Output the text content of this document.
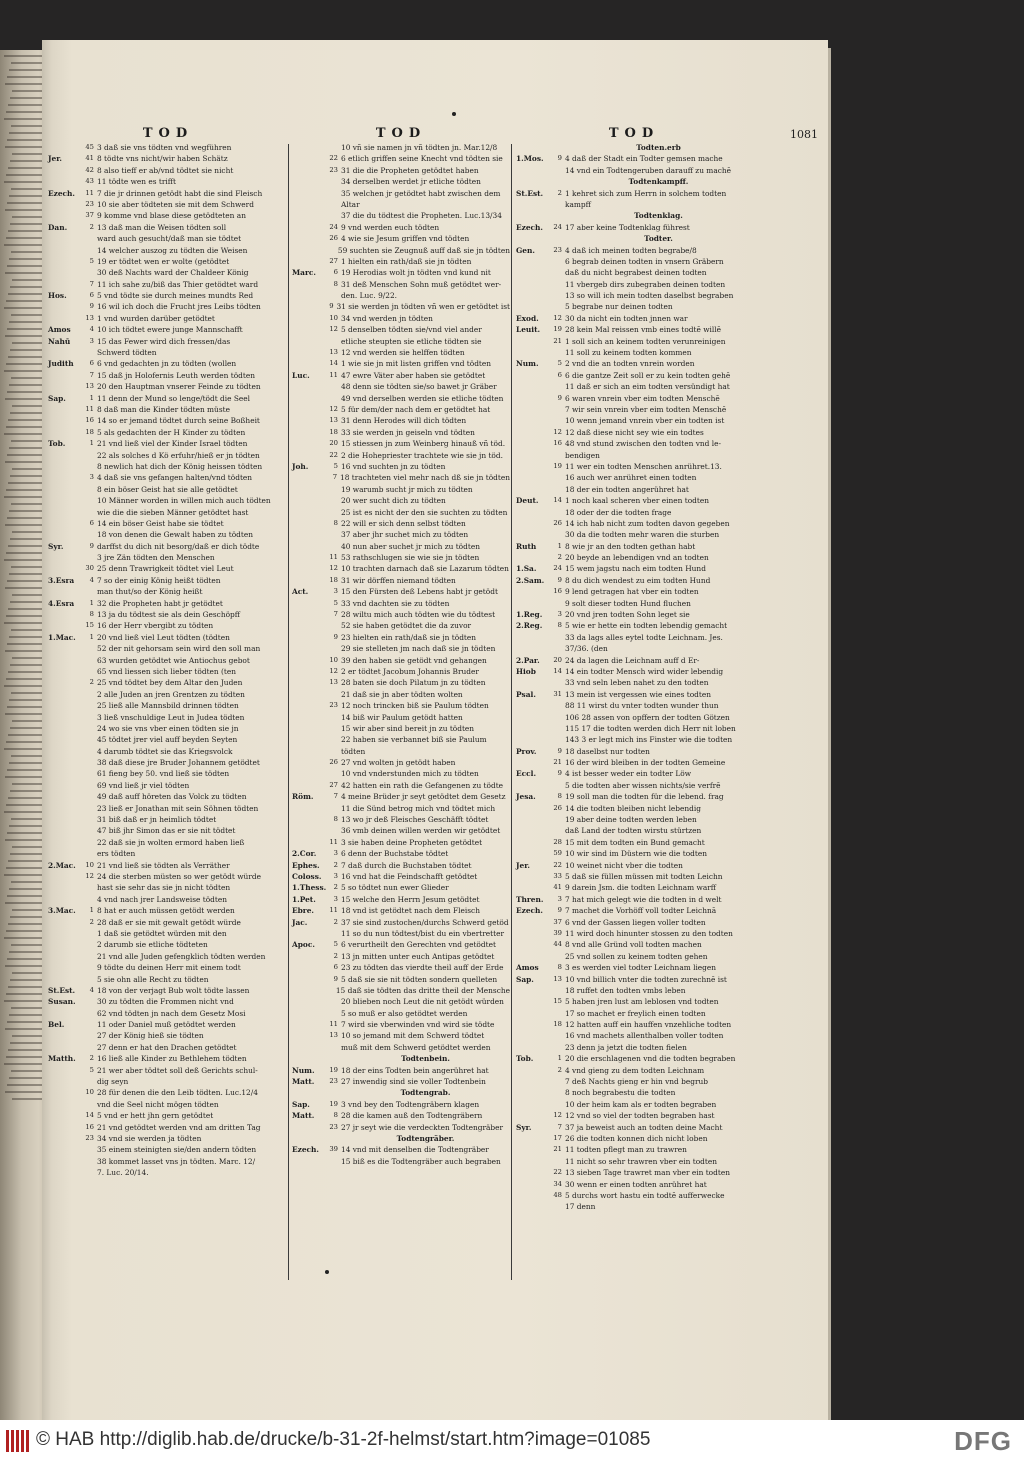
1081
TOD
45 3 daß sie vns tödten vnd wegführen
Jer.	41 8 tödte vns nicht/wir haben Schätz
42 8 also tieff er ab/vnd tödtet sie nicht
43 11 tödte wen es trifft
Ezech.	11 7 die jr drinnen getödt habt die sind Fleisch
23 10 sie aber tödteten sie mit dem Schwerd
37 9 komme vnd blase diese getödteten an
Dan.	2 13 daß man die Weisen tödten soll
ward auch gesucht/daß man sie tödtet
14 welcher auszog zu tödten die Weisen
5 19 er tödtet wen er wolte (getödtet
30 deß Nachts ward der Chaldeer König
7 11 ich sahe zu/biß das Thier getödtet ward
Hos.	6 5 vnd tödte sie durch meines mundts Red
9 16 wil ich doch die Frucht jres Leibs tödten
13 1 vnd wurden darüber getödtet
Amos	4 10 ich tödtet ewere junge Mannschafft
Nahū	3 15 das Fewer wird dich fressen/das
Schwerd tödten
Judith	6 6 vnd gedachten jn zu tödten (wollen
7 15 daß jn Holofernis Leuth werden tödten
13 20 den Hauptman vnserer Feinde zu tödten
Sap.	1 11 denn der Mund so lenge/tödt die Seel
11 8 daß man die Kinder tödten müste
16 14 so er jemand tödtet durch seine Boßheit
18 5 als gedachten der H Kinder zu tödten
Tob.	1 21 vnd ließ viel der Kinder Israel tödten
22 als solches d Kö erfuhr/hieß er jn tödten
8 newlich hat dich der König heissen tödten
3 4 daß sie vns gefangen halten/vnd tödten
8 ein böser Geist hat sie alle getödtet
10 Männer worden in willen mich auch tödten
wie die die sieben Männer getödtet hast
6 14 ein böser Geist habe sie tödtet
18 von denen die Gewalt haben zu tödten
Syr.	9 darffst du dich nit besorg/daß er dich tödte
3 jre Zän tödten den Menschen
30 25 denn Trawrigkeit tödtet viel Leut
3.Esra	4 7 so der einig König heißt tödten
man thut/so der König heißt
4.Esra	1 32 die Propheten habt jr getödtet
8 13 ja du tödtest sie als dein Geschöpff
15 16 der Herr vbergibt zu tödten
1.Mac.	1 20 vnd ließ viel Leut tödten (tödten
52 der nit gehorsam sein wird den soll man
63 wurden getödtet wie Antiochus gebot
65 vnd liessen sich lieber tödten (ten
2 25 vnd tödtet bey dem Altar den Juden
2 alle Juden an jren Grentzen zu tödten
25 ließ alle Mannsbild drinnen tödten
3 ließ vnschuldige Leut in Judea tödten
24 wo sie vns vber einen tödten sie jn
45 tödtet jrer viel auff beyden Seyten
4 darumb tödtet sie das Kriegsvolck
38 daß diese jre Bruder Johannem getödtet
61 fieng bey 50. vnd ließ sie tödten
69 vnd ließ jr viel tödten
49 daß auff höreten das Volck zu tödten
23 ließ er Jonathan mit sein Söhnen tödten
31 biß daß er jn heimlich tödtet
47 biß jhr Simon das er sie nit tödtet
22 daß sie jn wolten ermord haben ließ
ers tödten
2.Mac.	10 21 vnd ließ sie tödten als Verräther
12 24 die sterben müsten so wer getödt würde
hast sie sehr das sie jn nicht tödten
4 vnd nach jrer Landsweise tödten
3.Mac.	1 8 hat er auch müssen getödt werden
2 28 daß er sie mit gewalt getödt würde
1 daß sie getödtet würden mit den
2 darumb sie etliche tödteten
21 vnd alle Juden gefengklich tödten werden
9 tödte du deinen Herr mit einem todt
5 sie ohn alle Recht zu tödten
St.Est.	4 18 von der verjagt Bub wolt tödte lassen
Susan.	30 zu tödten die Frommen nicht vnd
62 vnd tödten jn nach dem Gesetz Mosi
Bel.	11 oder Daniel muß getödtet werden
27 der König hieß sie tödten
27 denn er hat den Drachen getödtet
Matth.	2 16 ließ alle Kinder zu Bethlehem tödten
5 21 wer aber tödtet soll deß Gerichts schul-
dig seyn
10 28 für denen die den Leib tödten. Luc.12/4
vnd die Seel nicht mögen tödten
14 5 vnd er hett jhn gern getödtet
16 21 vnd getödtet werden vnd am dritten Tag
23 34 vnd sie werden ja tödten
35 einem steinigten sie/den andern tödten
38 kommet lasset vns jn tödten. Marc. 12/
7. Luc. 20/14.
TOD
10 vñ sie namen jn vñ tödten jn. Mar.12/8
22 6 etlich griffen seine Knecht vnd tödten sie
23 31 die die Propheten getödtet haben
34 derselben werdet jr etliche tödten
35 welchen jr getödtet habt zwischen dem
Altar
37 die du tödtest die Propheten. Luc.13/34
24 9 vnd werden euch tödten
26 4 wie sie Jesum griffen vnd tödten
59 suchten sie Zeugnuß auff daß sie jn tödten
27 1 hielten ein rath/daß sie jn tödten
Marc.	6 19 Herodias wolt jn tödten vnd kund nit
8 31 deß Menschen Sohn muß getödtet wer-
den. Luc. 9/22.
9 31 sie werden jn tödten vñ wen er getödtet ist
10 34 vnd werden jn tödten
12 5 denselben tödten sie/vnd viel ander
etliche steupten sie etliche tödten sie
13 12 vnd werden sie helffen tödten
14 1 wie sie jn mit listen griffen vnd tödten
Luc.	11 47 ewre Väter aber haben sie getödtet
48 denn sie tödten sie/so bawet jr Gräber
49 vnd derselben werden sie etliche tödten
12 5 für dem/der nach dem er getödtet hat
13 31 denn Herodes will dich tödten
18 33 sie werden jn geiseln vnd tödten
20 15 stiessen jn zum Weinberg hinauß vñ töd.
22 2 die Hohepriester trachtete wie sie jn töd.
Joh.	5 16 vnd suchten jn zu tödten
7 18 trachteten viel mehr nach dß sie jn tödten
19 warumb sucht jr mich zu tödten
20 wer sucht dich zu tödten
25 ist es nicht der den sie suchten zu tödten
8 22 will er sich denn selbst tödten
37 aber jhr suchet mich zu tödten
40 nun aber suchet jr mich zu tödten
11 53 rathschlugen sie wie sie jn tödten
12 10 trachten darnach daß sie Lazarum tödten
18 31 wir dörffen niemand tödten
Act.	3 15 den Fürsten deß Lebens habt jr getödt
5 33 vnd dachten sie zu tödten
7 28 wiltu mich auch tödten wie du tödtest
52 sie haben getödtet die da zuvor
9 23 hielten ein rath/daß sie jn tödten
29 sie stelleten jm nach daß sie jn tödten
10 39 den haben sie getödt vnd gehangen
12 2 er tödtet Jacobum Johannis Bruder
13 28 baten sie doch Pilatum jn zu tödten
21 daß sie jn aber tödten wolten
23 12 noch trincken biß sie Paulum tödten
14 biß wir Paulum getödt hatten
15 wir aber sind bereit jn zu tödten
22 haben sie verbannet biß sie Paulum
tödten
26 27 vnd wolten jn getödt haben
10 vnd vnderstunden mich zu tödten
27 42 hatten ein rath die Gefangenen zu tödte
Röm.	7 4 meine Brüder jr seyt getödtet dem Gesetz
11 die Sünd betrog mich vnd tödtet mich
8 13 wo jr deß Fleisches Geschäfft tödtet
36 vmb deinen willen werden wir getödtet
11 3 sie haben deine Propheten getödtet
2.Cor.	3 6 denn der Buchstabe tödtet
Ephes.	2 7 daß durch die Buchstaben tödtet
Coloss.	3 16 vnd hat die Feindschafft getödtet
1.Thess.	2 5 so tödtet nun ewer Glieder
1.Pet.	3 15 welche den Herrn Jesum getödtet
Ebre.	11 18 vnd ist getödtet nach dem Fleisch
Jac.	2 37 sie sind zustochen/durchs Schwerd getöd
11 so du nun tödtest/bist du ein vbertretter
Apoc.	5 6 verurtheilt den Gerechten vnd getödtet
2 13 jn mitten unter euch Antipas getödtet
6 23 zu tödten das vierdte theil auff der Erde
9 5 daß sie sie nit tödten sondern quelleten
15 daß sie tödten das dritte theil der Mensche
20 blieben noch Leut die nit getödt würden
5 so muß er also getödtet werden
11 7 wird sie vberwinden vnd wird sie tödte
13 10 so jemand mit dem Schwerd tödtet
muß mit dem Schwerd getödtet werden
Todtenbein.
Num.	19 18 der eins Todten bein angerühret hat
Matt.	23 27 inwendig sind sie voller Todtenbein
Todtengrab.
Sap.	19 3 vnd bey den Todtengräbern klagen
Matt.	8 28 die kamen auß den Todtengräbern
23 27 jr seyt wie die verdeckten Todtengräber
Todtengräber.
Ezech.	39 14 vnd mit denselben die Todtengräber
15 biß es die Todtengräber auch begraben
TOD
Todten.erb
1.Mos.	9 4 daß der Stadt ein Todter gemsen mache
14 vnd ein Todtengeruben darauff zu machē
Todtenkampff.
St.Est.	2 1 kehret sich zum Herrn in solchem todten
kampff
Todtenklag.
Ezech.	24 17 aber keine Todtenklag führest
Todter.
Gen.	23 4 daß ich meinen todten begrabe/8
6 begrab deinen todten in vnsern Gräbern
daß du nicht begrabest deinen todten
11 vbergeb dirs zubegraben deinen todten
13 so will ich mein todten daselbst begraben
5 begrabe nur deinen todten
Exod.	12 30 da nicht ein todten jnnen war
Leuit.	19 28 kein Mal reissen vmb eines todtē willē
21 1 soll sich an keinem todten verunreinigen
11 soll zu keinem todten kommen
Num.	5 2 vnd die an todten vnrein worden
6 6 die gantze Zeit soll er zu kein todten gehē
11 daß er sich an eim todten versündigt hat
9 6 waren vnrein vber eim todten Menschē
7 wir sein vnrein vber eim todten Menschē
10 wenn jemand vnrein vber ein todten ist
12 12 daß diese nicht sey wie ein todtes
16 48 vnd stund zwischen den todten vnd le-
bendigen
19 11 wer ein todten Menschen anrühret.13.
16 auch wer anrühret einen todten
18 der ein todten angerühret hat
Deut.	14 1 noch kaal scheren vber einen todten
18 oder der die todten frage
26 14 ich hab nicht zum todten davon gegeben
30 da die todten mehr waren die sturben
Ruth	1 8 wie jr an den todten gethan habt
2 20 beyde an lebendigen vnd an todten
1.Sa.	24 15 wem jagstu nach eim todten Hund
2.Sam.	9 8 du dich wendest zu eim todten Hund
16 9 lend getragen hat vber ein todten
9 solt dieser todten Hund fluchen
1.Reg.	3 20 vnd jren todten Sohn leget sie
2.Reg.	8 5 wie er hette ein todten lebendig gemacht
33 da lags alles eytel todte Leichnam. Jes.
37/36. (den
2.Par.	20 24 da lagen die Leichnam auff d Er-
Hiob	14 14 ein todter Mensch wird wider lebendig
33 vnd seln leben nahet zu den todten
Psal.	31 13 mein ist vergessen wie eines todten
88 11 wirst du vnter todten wunder thun
106 28 assen von opffern der todten Götzen
115 17 die todten werden dich Herr nit loben
143 3 er legt mich ins Finster wie die todten
Prov.	9 18 daselbst nur todten
21 16 der wird bleiben in der todten Gemeine
Eccl.	9 4 ist besser weder ein todter Löw
5 die todten aber wissen nichts/sie verfrē
Jesa.	8 19 soll man die todten für die lebend. frag
26 14 die todten bleiben nicht lebendig
19 aber deine todten werden leben
daß Land der todten wirstu stürtzen
28 15 mit dem todten ein Bund gemacht
59 10 wir sind im Düstern wie die todten
Jer.	22 10 weinet nicht vber die todten
33 5 daß sie füllen müssen mit todten Leichn
41 9 darein Jsm. die todten Leichnam warff
Thren.	3 7 hat mich gelegt wie die todten in d welt
Ezech.	9 7 machet die Vorhöff voll todter Leichnā
37 6 vnd der Gassen liegen voller todten
39 11 wird doch hinunter stossen zu den todten
44 8 vnd alle Gründ voll todten machen
25 vnd sollen zu keinem todten gehen
Amos	8 3 es werden viel todter Leichnam liegen
Sap.	13 10 vnd billich vnter die todten zurechnē ist
18 ruffet den todten vmbs leben
15 5 haben jren lust am leblosen vnd todten
17 so machet er freylich einen todten
18 12 hatten auff ein hauffen vnzehliche todten
16 vnd machets allenthalben voller todten
23 denn ja jetzt die todten fielen
Tob.	1 20 die erschlagenen vnd die todten begraben
2 4 vnd gieng zu dem todten Leichnam
7 deß Nachts gieng er hin vnd begrub
8 noch begrabestu die todten
10 der heim kam als er todten begraben
12 12 vnd so viel der todten begraben hast
Syr.	7 37 ja beweist auch an todten deine Macht
17 26 die todten konnen dich nicht loben
21 11 todten pflegt man zu trawren
11 nicht so sehr trawren vber ein todten
22 13 sieben Tage trawret man vber ein todten
34 30 wenn er einen todten anrühret hat
48 5 durchs wort hastu ein todtē aufferwecke
17 denn
© HAB http://diglib.hab.de/drucke/b-31-2f-helmst/start.htm?image=01085	DFG
